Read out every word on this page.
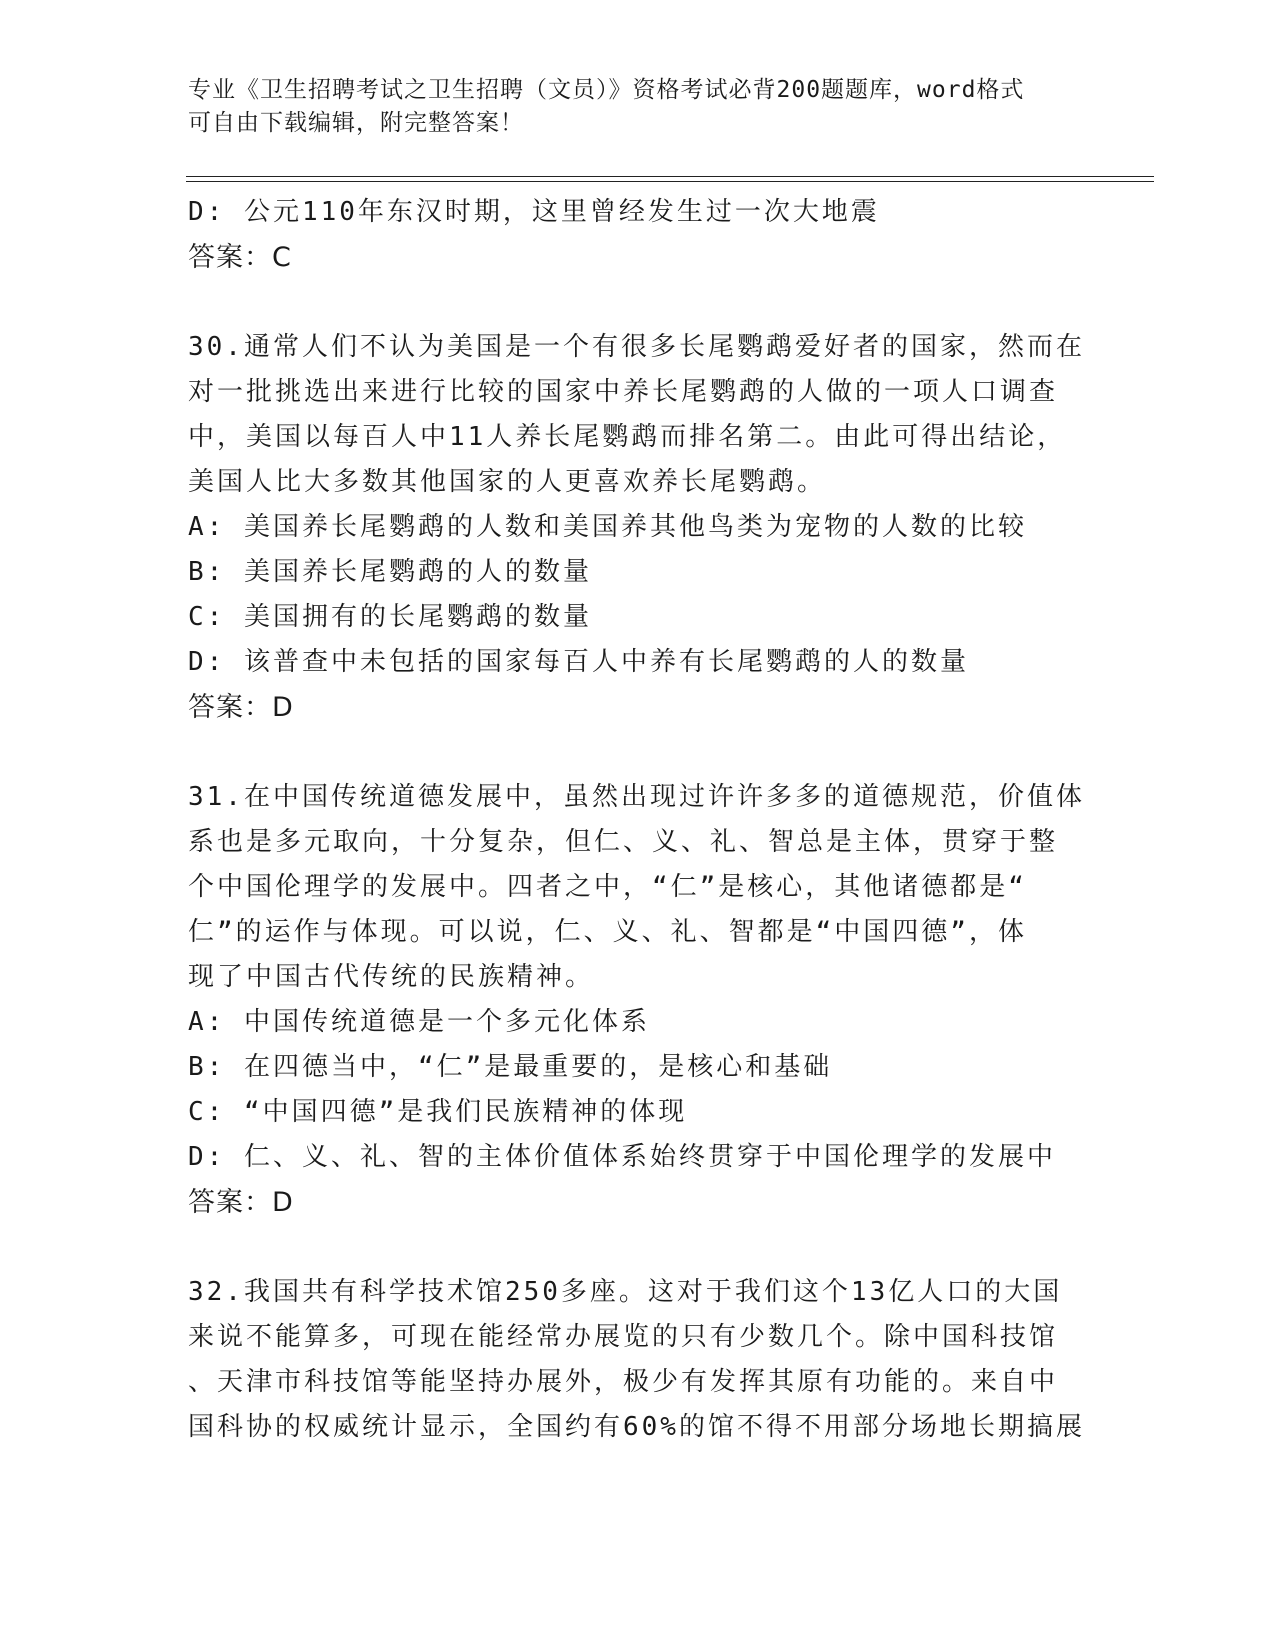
专业《卫生招聘考试之卫生招聘（文员）》资格考试必背200题题库，word格式
可自由下载编辑，附完整答案！
D: 公元110年东汉时期，这里曾经发生过一次大地震
答案：C
30.通常人们不认为美国是一个有很多长尾鹦鹉爱好者的国家，然而在
对一批挑选出来进行比较的国家中养长尾鹦鹉的人做的一项人口调查
中，美国以每百人中11人养长尾鹦鹉而排名第二。由此可得出结论，
美国人比大多数其他国家的人更喜欢养长尾鹦鹉。
A: 美国养长尾鹦鹉的人数和美国养其他鸟类为宠物的人数的比较
B: 美国养长尾鹦鹉的人的数量
C: 美国拥有的长尾鹦鹉的数量
D: 该普查中未包括的国家每百人中养有长尾鹦鹉的人的数量
答案：D
31.在中国传统道德发展中，虽然出现过许许多多的道德规范，价值体
系也是多元取向，十分复杂，但仁、义、礼、智总是主体，贯穿于整
个中国伦理学的发展中。四者之中，“仁”是核心，其他诸德都是“
仁”的运作与体现。可以说，仁、义、礼、智都是“中国四德”，体
现了中国古代传统的民族精神。
A: 中国传统道德是一个多元化体系
B: 在四德当中，“仁”是最重要的，是核心和基础
C: “中国四德”是我们民族精神的体现
D: 仁、义、礼、智的主体价值体系始终贯穿于中国伦理学的发展中
答案：D
32.我国共有科学技术馆250多座。这对于我们这个13亿人口的大国
来说不能算多，可现在能经常办展览的只有少数几个。除中国科技馆
、天津市科技馆等能坚持办展外，极少有发挥其原有功能的。来自中
国科协的权威统计显示，全国约有60%的馆不得不用部分场地长期搞展
